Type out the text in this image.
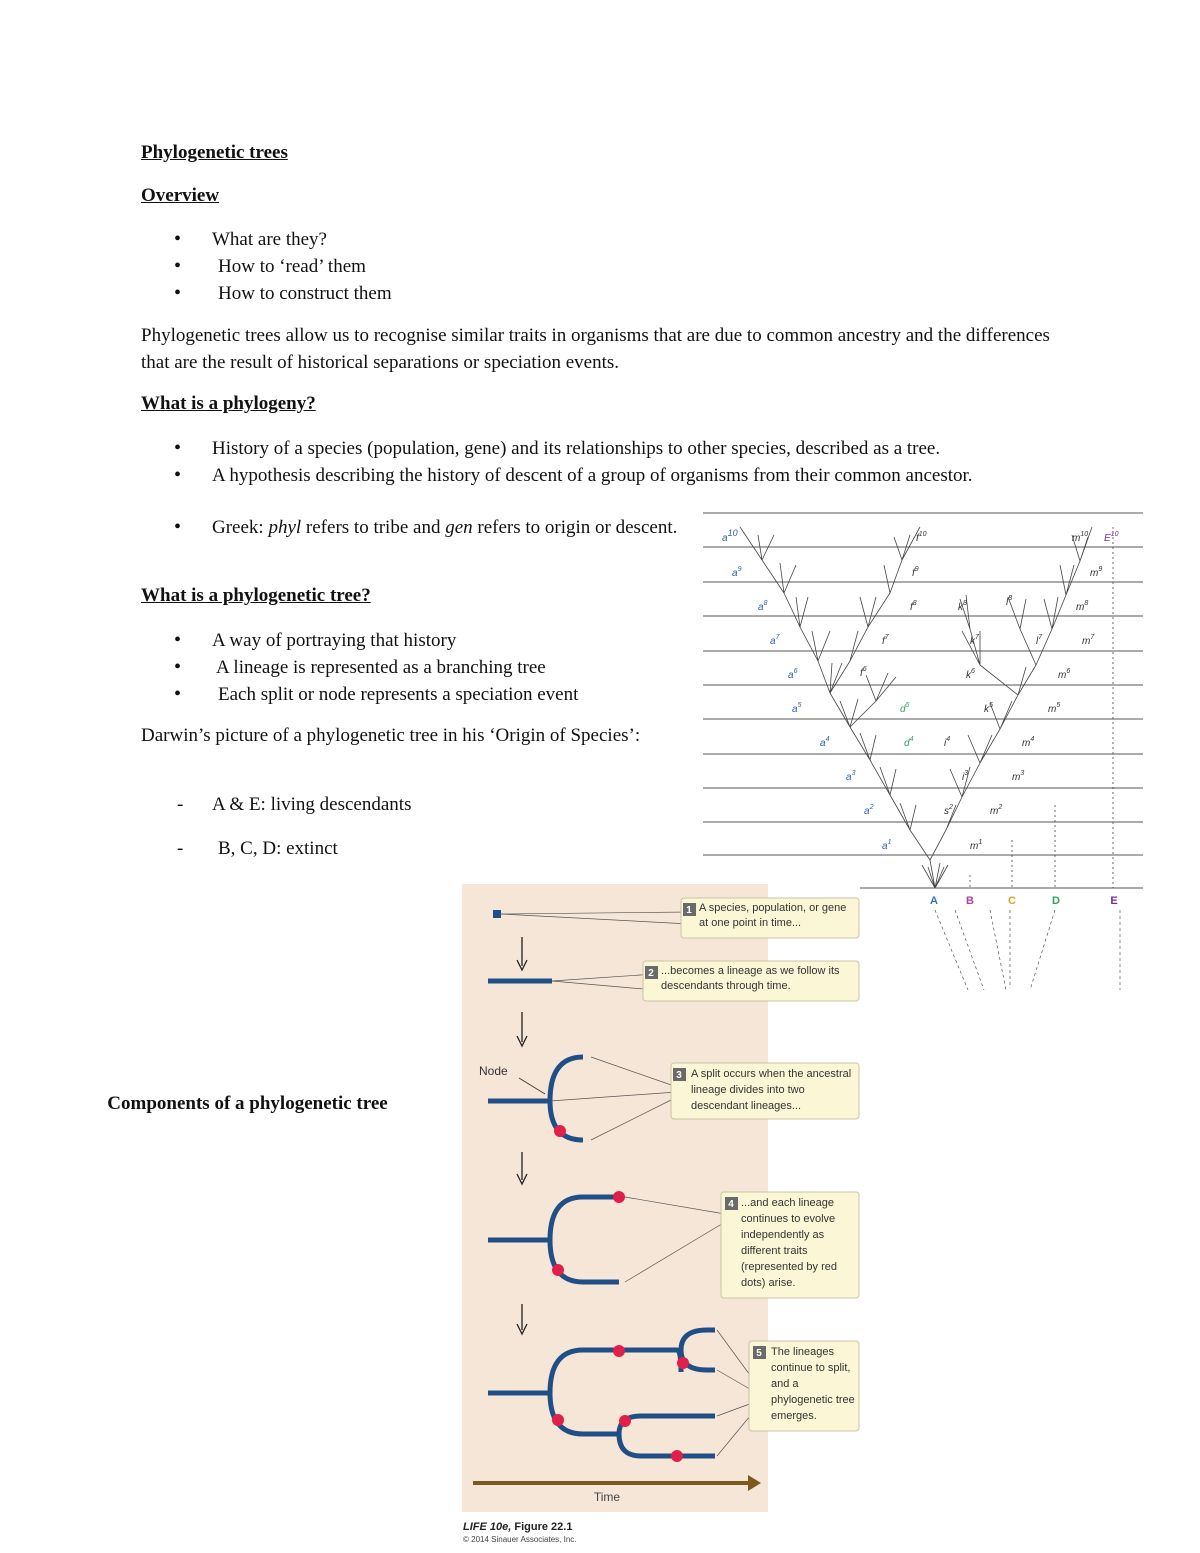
Phylogenetic trees
Overview
• What are they?
• How to ‘read’ them
• How to construct them
Phylogenetic trees allow us to recognise similar traits in organisms that are due to common ancestry and the differences that are the result of historical separations or speciation events.
What is a phylogeny?
• History of a species (population, gene) and its relationships to other species, described as a tree.
• A hypothesis describing the history of descent of a group of organisms from their common ancestor.
• Greek: phyl refers to tribe and gen refers to origin or descent.
What is a phylogenetic tree?
• A way of portraying that history
• A lineage is represented as a branching tree
• Each split or node represents a speciation event
Darwin’s picture of a phylogenetic tree in his ‘Origin of Species’:
- A & E: living descendants
- B, C, D: extinct
Components of a phylogenetic tree
a10	$f^{10}$	$m^{10}$ $E^{10}$
$a^9$	$f^9$	$m^9$
$a^8$	$f^8$	$k^8$	$l^8$
$m^8$
$a^7$	$f^7$	$k^7$	$l^7$	$m^7$
$a^6$	$f^6$
$k^6$	$m^6$
$a^5$	$d^5$	$k^5$	$m^5$
$a^4$	$d^4$	$i^4$	$m^4$
$a^3$	$i^3$	$m^3$
$a^2$	$s^2$	$m^2$
$a^1$	$m^1$
A	B	C	D	E
1 A species, population, or gene at one point in time...
2 ...becomes a lineage as we follow its descendants through time.
Node	3 A split occurs when the ancestral lineage divides into two descendant lineages...
4 ...and each lineage continues to evolve independently as different traits (represented by red dots) arise.
5 The lineages continue to split, and a phylogenetic tree emerges.
Time
LIFE 10e, Figure 22.1
© 2014 Sinauer Associates, Inc.
